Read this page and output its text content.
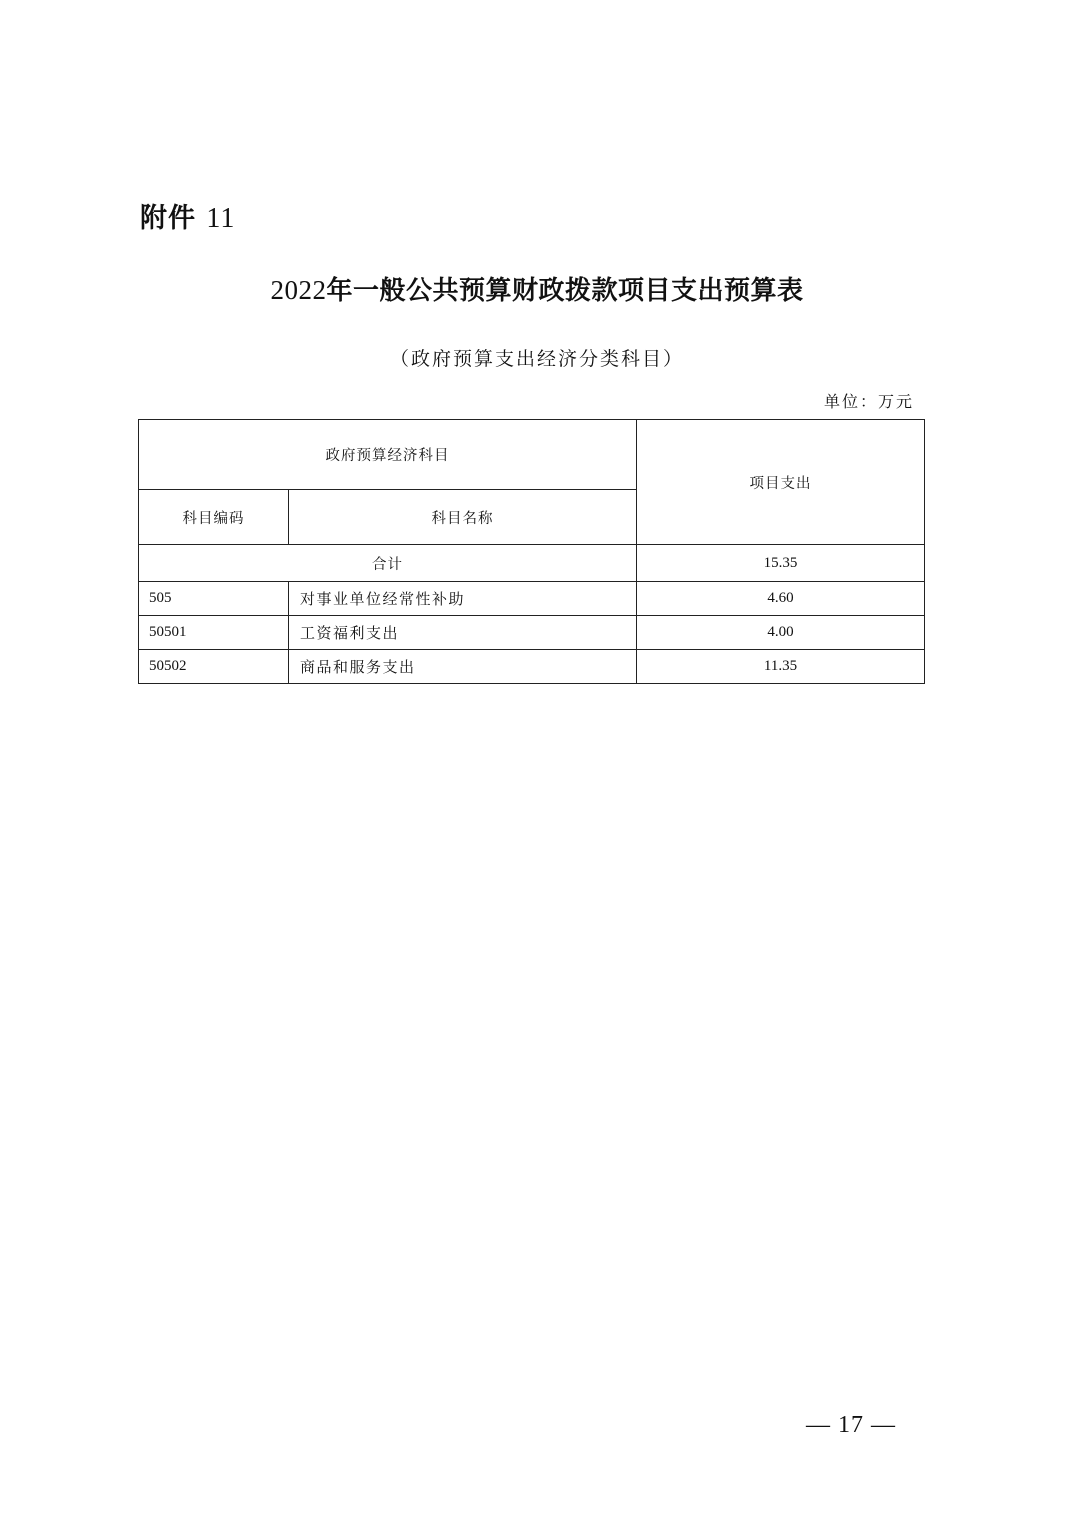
附件 11
2022年一般公共预算财政拨款项目支出预算表
（政府预算支出经济分类科目）
单位：万元
政府预算经济科目		项目支出
科目编码	科目名称	
合计		15.35
505	对事业单位经常性补助	4.60
50501	工资福利支出	4.00
50502	商品和服务支出	11.35
— 17 —
